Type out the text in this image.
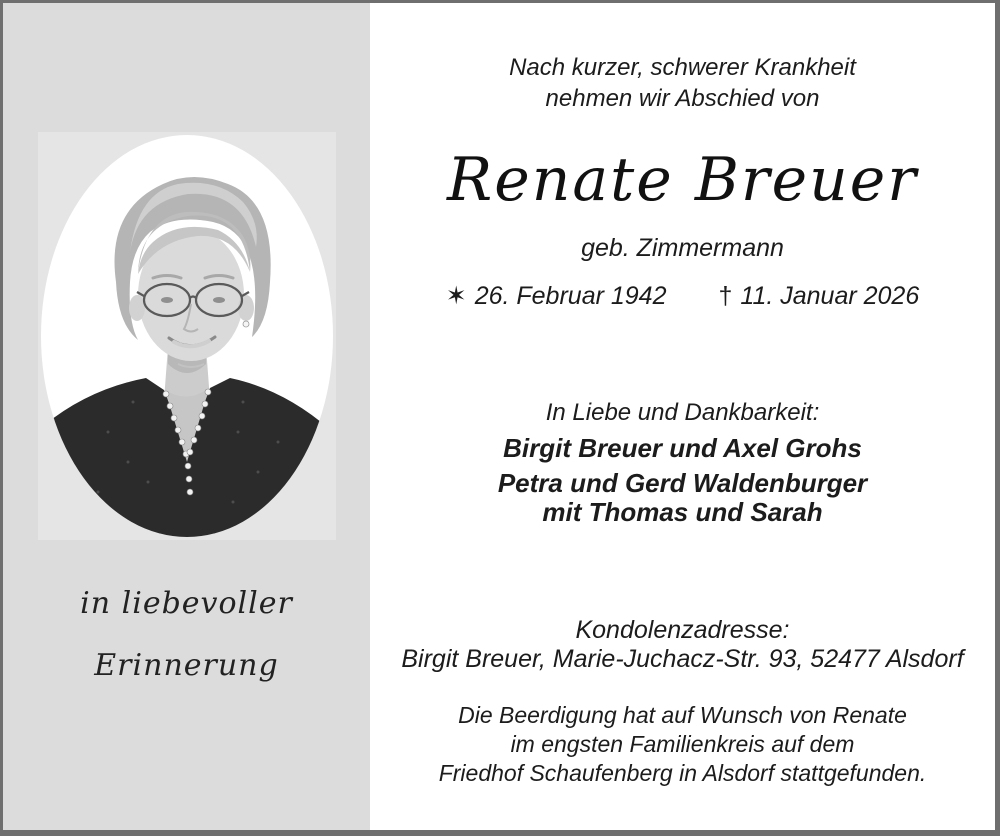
in liebevoller
Erinnerung
Nach kurzer, schwerer Krankheit
nehmen wir Abschied von
Renate Breuer
geb. Zimmermann
✶ 26. Februar 1942 † 11. Januar 2026
In Liebe und Dankbarkeit:
Birgit Breuer und Axel Grohs
Petra und Gerd Waldenburger
mit Thomas und Sarah
Kondolenzadresse:
Birgit Breuer, Marie-Juchacz-Str. 93, 52477 Alsdorf
Die Beerdigung hat auf Wunsch von Renate
im engsten Familienkreis auf dem
Friedhof Schaufenberg in Alsdorf stattgefunden.
